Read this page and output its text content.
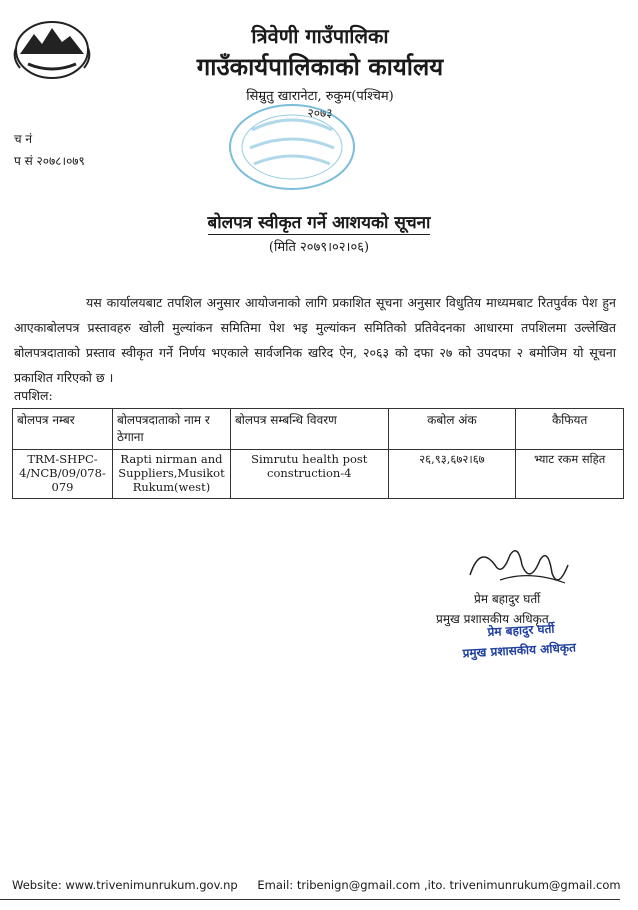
त्रिवेणी गाउँपालिका
गाउँकार्यपालिकाको कार्यालय
सिम्रुतु खारानेटा, रुकुम(पश्चिम)
२०७३
च नं
प सं २०७८।०७९
बोलपत्र स्वीकृत गर्ने आशयको सूचना
(मिति २०७९।०२।०६)
यस कार्यालयबाट तपशिल अनुसार आयोजनाको लागि प्रकाशित सूचना अनुसार विधुतिय माध्यमबाट रितपुर्वक पेश हुन आएकाबोलपत्र प्रस्तावहरु खोली मुल्यांकन समितिमा पेश भइ मुल्यांकन समितिको प्रतिवेदनका आधारमा तपशिलमा उल्लेखित बोलपत्रदाताको प्रस्ताव स्वीकृत गर्ने निर्णय भएकाले सार्वजनिक खरिद ऐन, २०६३ को दफा २७ को उपदफा २ बमोजिम यो सूचना प्रकाशित गरिएको छ ।
तपशिल:
बोलपत्र नम्बर	बोलपत्रदाताको नाम र ठेगाना	बोलपत्र सम्बन्धि विवरण	कबोल अंक	कैफियत
TRM-SHPC-4/NCB/09/078-079	Rapti nirman and Suppliers,Musikot Rukum(west)	Simrutu health post construction-4	२६,९३,६७२।६७	भ्याट रकम सहित
प्रेम बहादुर घर्ती
प्रमुख प्रशासकीय अधिकृत
प्रेम बहादुर घर्ती
प्रमुख प्रशासकीय अधिकृत
Website: www.trivenimunrukum.gov.np Email: tribenign@gmail.com ,ito. trivenimunrukum@gmail.com
